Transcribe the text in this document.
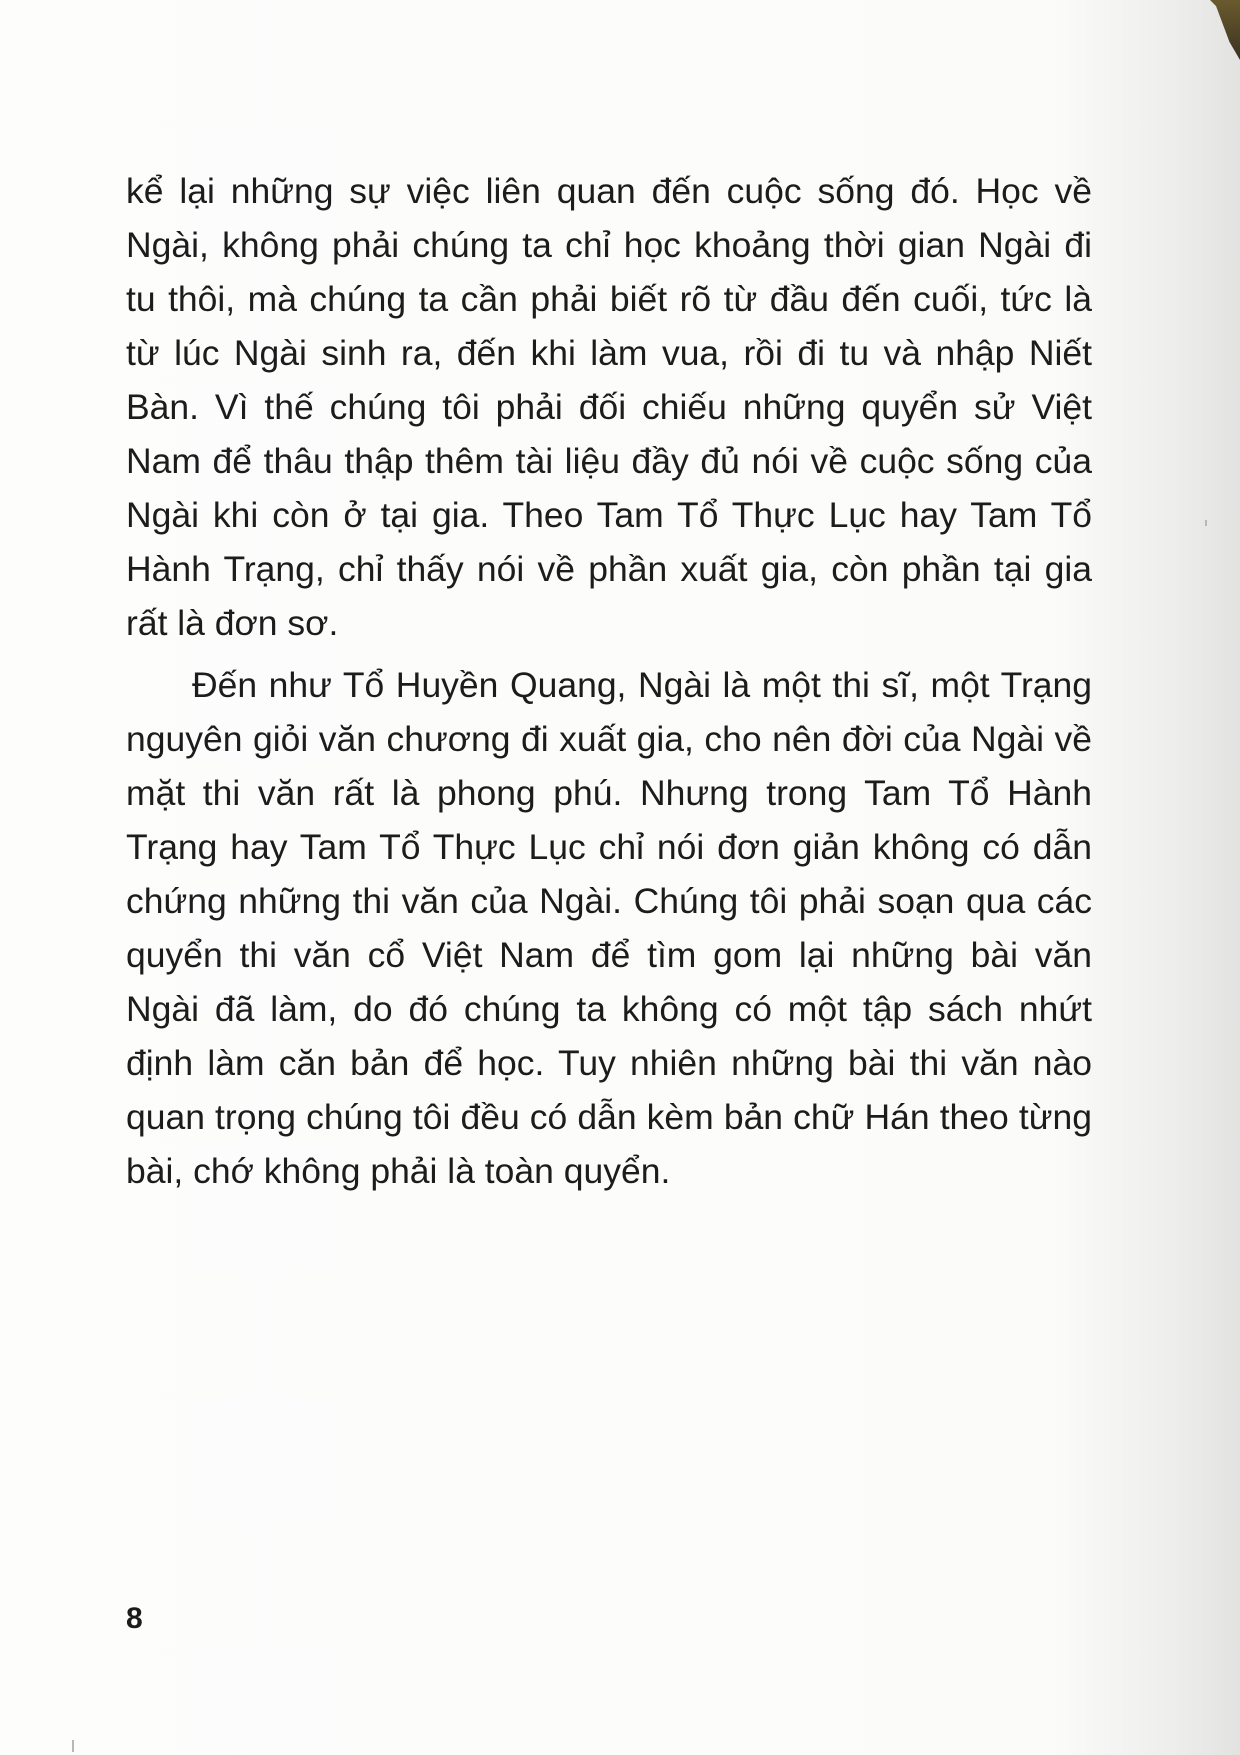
kể lại những sự việc liên quan đến cuộc sống đó. Học về Ngài, không phải chúng ta chỉ học khoảng thời gian Ngài đi tu thôi, mà chúng ta cần phải biết rõ từ đầu đến cuối, tức là từ lúc Ngài sinh ra, đến khi làm vua, rồi đi tu và nhập Niết Bàn. Vì thế chúng tôi phải đối chiếu những quyển sử Việt Nam để thâu thập thêm tài liệu đầy đủ nói về cuộc sống của Ngài khi còn ở tại gia. Theo Tam Tổ Thực Lục hay Tam Tổ Hành Trạng, chỉ thấy nói về phần xuất gia, còn phần tại gia rất là đơn sơ.

Đến như Tổ Huyền Quang, Ngài là một thi sĩ, một Trạng nguyên giỏi văn chương đi xuất gia, cho nên đời của Ngài về mặt thi văn rất là phong phú. Nhưng trong Tam Tổ Hành Trạng hay Tam Tổ Thực Lục chỉ nói đơn giản không có dẫn chứng những thi văn của Ngài. Chúng tôi phải soạn qua các quyển thi văn cổ Việt Nam để tìm gom lại những bài văn Ngài đã làm, do đó chúng ta không có một tập sách nhứt định làm căn bản để học. Tuy nhiên những bài thi văn nào quan trọng chúng tôi đều có dẫn kèm bản chữ Hán theo từng bài, chớ không phải là toàn quyển.

8
